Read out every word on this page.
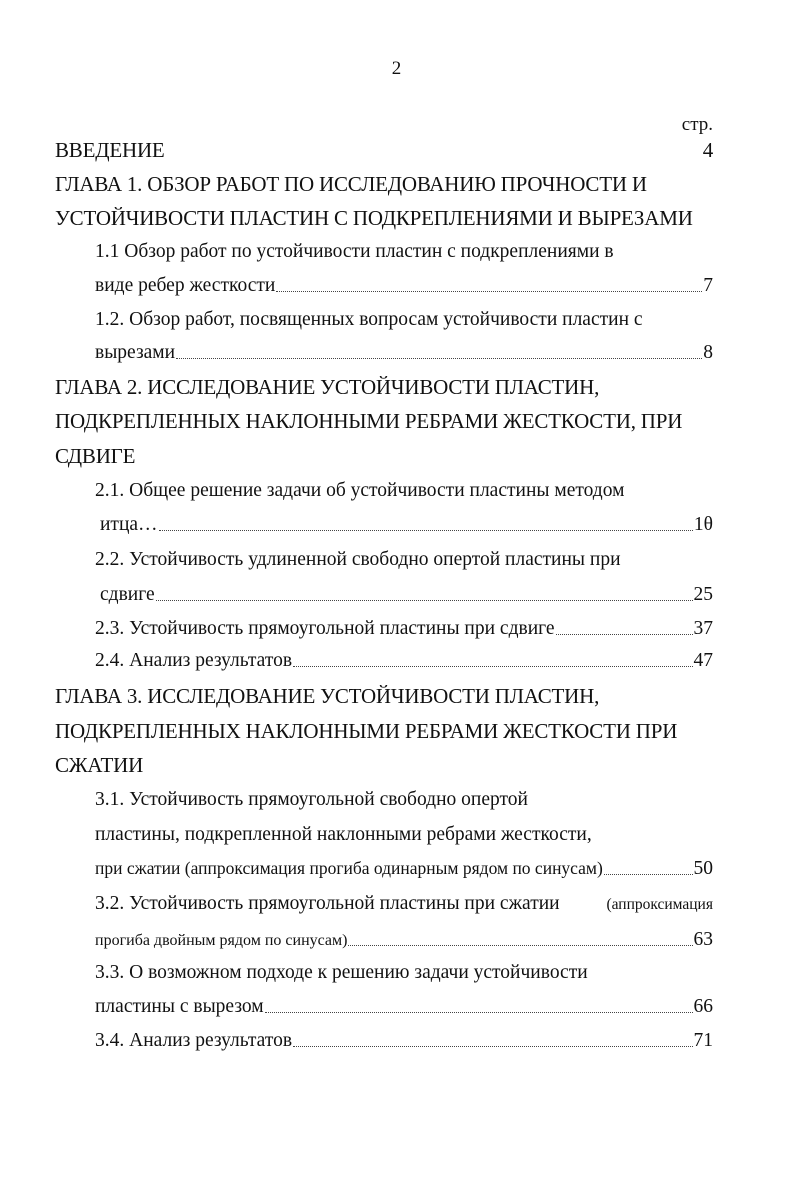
2
стр.
ВВЕДЕНИЕ	4
ГЛАВА 1. ОБЗОР РАБОТ ПО ИССЛЕДОВАНИЮ ПРОЧНОСТИ И
УСТОЙЧИВОСТИ ПЛАСТИН С ПОДКРЕПЛЕНИЯМИ И ВЫРЕЗАМИ
1.1 Обзор работ по устойчивости пластин с подкреплениями в
виде ребер жесткости	7
1.2. Обзор работ, посвященных вопросам устойчивости пластин с
вырезами	8
ГЛАВА 2. ИССЛЕДОВАНИЕ УСТОЙЧИВОСТИ ПЛАСТИН,
ПОДКРЕПЛЕННЫХ НАКЛОННЫМИ РЕБРАМИ ЖЕСТКОСТИ, ПРИ
СДВИГЕ
2.1. Общее решение задачи об устойчивости пластины методом
итца…	1θ
2.2. Устойчивость удлиненной свободно опертой пластины при
сдвиге	25
2.3. Устойчивость прямоугольной пластины при сдвиге	37
2.4. Анализ результатов	47
ГЛАВА 3. ИССЛЕДОВАНИЕ УСТОЙЧИВОСТИ ПЛАСТИН,
ПОДКРЕПЛЕННЫХ НАКЛОННЫМИ РЕБРАМИ ЖЕСТКОСТИ ПРИ
СЖАТИИ
3.1. Устойчивость прямоугольной свободно опертой
пластины, подкрепленной наклонными ребрами жесткости,
при сжатии (аппроксимация прогиба одинарным рядом по синусам)	50
3.2. Устойчивость прямоугольной пластины при сжатии	(аппроксимация
прогиба двойным рядом по синусам)	63
3.3. О возможном подходе к решению задачи устойчивости
пластины с вырезом	66
3.4. Анализ результатов	71
